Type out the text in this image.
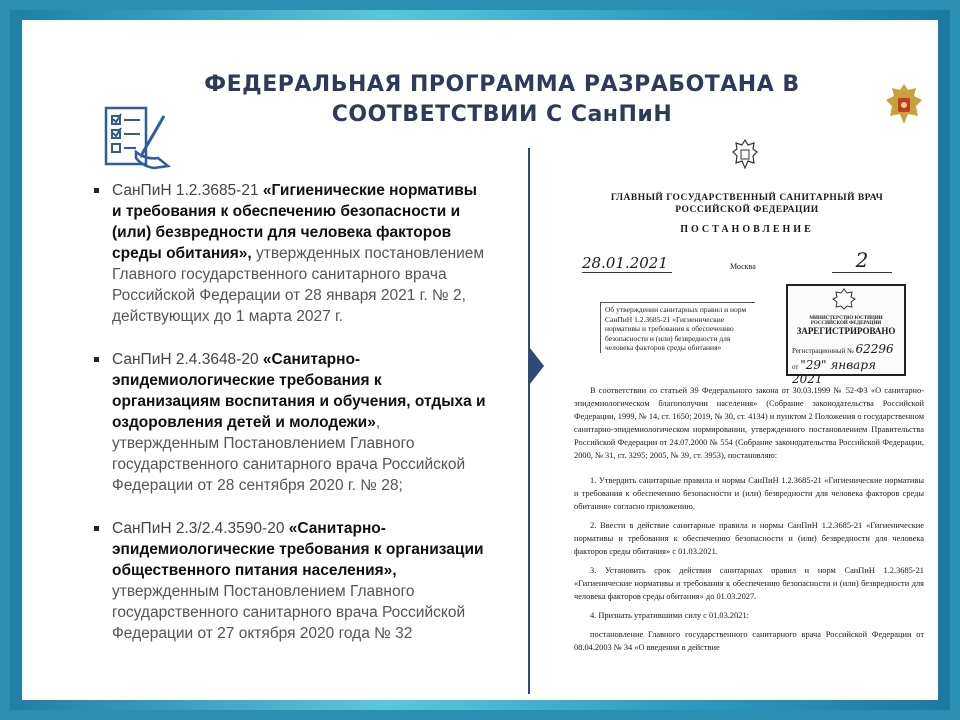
ФЕДЕРАЛЬНАЯ ПРОГРАММА РАЗРАБОТАНА В
СООТВЕТСТВИИ С СанПиН
СанПиН 1.2.3685-21 «Гигиенические нормативы и требования к обеспечению безопасности и (или) безвредности для человека факторов среды обитания», утвержденных постановлением Главного государственного санитарного врача Российской Федерации от 28 января 2021 г. № 2, действующих до 1 марта 2027 г.
СанПиН 2.4.3648-20 «Санитарно-эпидемиологические требования к организациям воспитания и обучения, отдыха и оздоровления детей и молодежи», утвержденным Постановлением Главного государственного санитарного врача Российской Федерации от 28 сентября 2020 г. № 28;
СанПиН 2.3/2.4.3590-20 «Санитарно-эпидемиологические требования к организации общественного питания населения», утвержденным Постановлением Главного государственного санитарного врача Российской Федерации от 27 октября 2020 года № 32
ГЛАВНЫЙ ГОСУДАРСТВЕННЫЙ САНИТАРНЫЙ ВРАЧ
РОССИЙСКОЙ ФЕДЕРАЦИИ
ПОСТАНОВЛЕНИЕ
28.01.2021	Москва	2
Об утверждении санитарных правил и норм СанПиН 1.2.3685-21 «Гигиенические нормативы и требования к обеспечению безопасности и (или) безвредности для человека факторов среды обитания»
МИНИСТЕРСТВО ЮСТИЦИИ РОССИЙСКОЙ ФЕДЕРАЦИИ
ЗАРЕГИСТРИРОВАНО
Регистрационный № 62296
от "29" января 2021

В соответствии со статьей 39 Федерального закона от 30.03.1999 № 52-ФЗ «О санитарно-эпидемиологическом благополучии населения» (Собрание законодательства Российской Федерации, 1999, № 14, ст. 1650; 2019, № 30, ст. 4134) и пунктом 2 Положения о государственном санитарно-эпидемиологическом нормировании, утвержденного постановлением Правительства Российской Федерации от 24.07.2000 № 554 (Собрание законодательства Российской Федерации, 2000, № 31, ст. 3295; 2005, № 39, ст. 3953), постановляю:

1. Утвердить санитарные правила и нормы СанПиН 1.2.3685-21 «Гигиенические нормативы и требования к обеспечению безопасности и (или) безвредности для человека факторов среды обитания» согласно приложению.

2. Ввести в действие санитарные правила и нормы СанПиН 1.2.3685-21 «Гигиенические нормативы и требования к обеспечению безопасности и (или) безвредности для человека факторов среды обитания» с 01.03.2021.

3. Установить срок действия санитарных правил и норм СанПиН 1.2.3685-21 «Гигиенические нормативы и требования к обеспечению безопасности и (или) безвредности для человека факторов среды обитания» до 01.03.2027.

4. Признать утратившими силу с 01.03.2021:

постановление Главного государственного санитарного врача Российской Федерации от 08.04.2003 № 34 «О введении в действие
